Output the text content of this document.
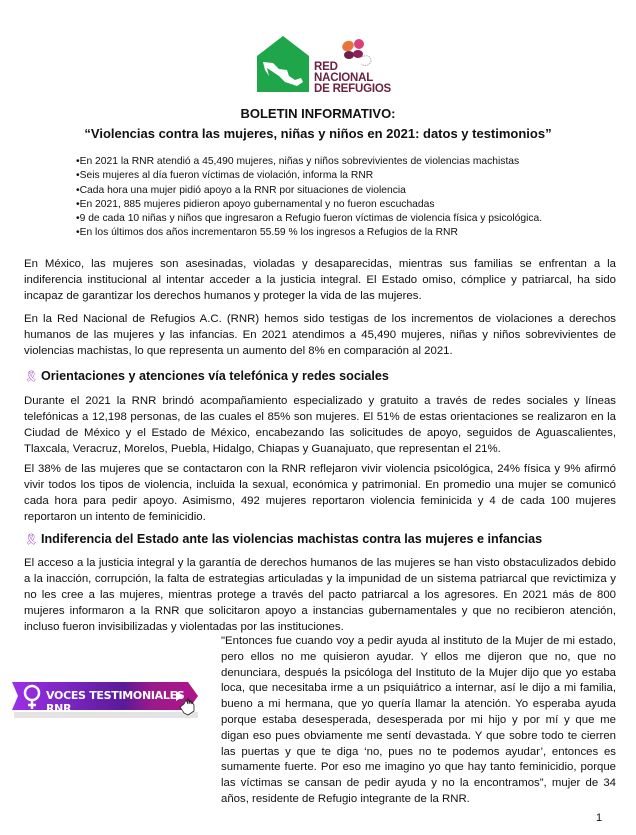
RED
NACIONAL
DE REFUGIOS
BOLETIN INFORMATIVO:
“Violencias contra las mujeres, niñas y niños en 2021: datos y testimonios”
•En 2021 la RNR atendió a 45,490 mujeres, niñas y niños sobrevivientes de violencias machistas
•Seis mujeres al día fueron víctimas de violación, informa la RNR
•Cada hora una mujer pidió apoyo a la RNR por situaciones de violencia
•En 2021, 885 mujeres pidieron apoyo gubernamental y no fueron escuchadas
•9 de cada 10 niñas y niños que ingresaron a Refugio fueron víctimas de violencia física y psicológica.
•En los últimos dos años incrementaron 55.59 % los ingresos a Refugios de la RNR
En México, las mujeres son asesinadas, violadas y desaparecidas, mientras sus familias se enfrentan a la indiferencia institucional al intentar acceder a la justicia integral. El Estado omiso, cómplice y patriarcal, ha sido incapaz de garantizar los derechos humanos y proteger la vida de las mujeres.
En la Red Nacional de Refugios A.C. (RNR) hemos sido testigas de los incrementos de violaciones a derechos humanos de las mujeres y las infancias. En 2021 atendimos a 45,490 mujeres, niñas y niños sobrevivientes de violencias machistas, lo que representa un aumento del 8% en comparación al 2021.
🎗 Orientaciones y atenciones vía telefónica y redes sociales
Durante el 2021 la RNR brindó acompañamiento especializado y gratuito a través de redes sociales y líneas telefónicas a 12,198 personas, de las cuales el 85% son mujeres. El 51% de estas orientaciones se realizaron en la Ciudad de México y el Estado de México, encabezando las solicitudes de apoyo, seguidos de Aguascalientes, Tlaxcala, Veracruz, Morelos, Puebla, Hidalgo, Chiapas y Guanajuato, que representan el 21%.
El 38% de las mujeres que se contactaron con la RNR reflejaron vivir violencia psicológica, 24% física y 9% afirmó vivir todos los tipos de violencia, incluida la sexual, económica y patrimonial. En promedio una mujer se comunicó cada hora para pedir apoyo. Asimismo, 492 mujeres reportaron violencia feminicida y 4 de cada 100 mujeres reportaron un intento de feminicidio.
🎗 Indiferencia del Estado ante las violencias machistas contra las mujeres e infancias
El acceso a la justicia integral y la garantía de derechos humanos de las mujeres se han visto obstaculizados debido a la inacción, corrupción, la falta de estrategias articuladas y la impunidad de un sistema patriarcal que revictimiza y no les cree a las mujeres, mientras protege a través del pacto patriarcal a los agresores. En 2021 más de 800 mujeres informaron a la RNR que solicitaron apoyo a instancias gubernamentales y que no recibieron atención, incluso fueron invisibilizadas y violentadas por las instituciones.
VOCES TESTIMONIALES RNR
"Entonces fue cuando voy a pedir ayuda al instituto de la Mujer de mi estado, pero ellos no me quisieron ayudar. Y ellos me dijeron que no, que no denunciara, después la psicóloga del Instituto de la Mujer dijo que yo estaba loca, que necesitaba irme a un psiquiátrico a internar, así le dijo a mi familia, bueno a mi hermana, que yo quería llamar la atención. Yo esperaba ayuda porque estaba desesperada, desesperada por mi hijo y por mí y que me digan eso pues obviamente me sentí devastada. Y que sobre todo te cierren las puertas y que te diga ‘no, pues no te podemos ayudar’, entonces es sumamente fuerte. Por eso me imagino yo que hay tanto feminicidio, porque las víctimas se cansan de pedir ayuda y no la encontramos”, mujer de 34 años, residente de Refugio integrante de la RNR.
1
